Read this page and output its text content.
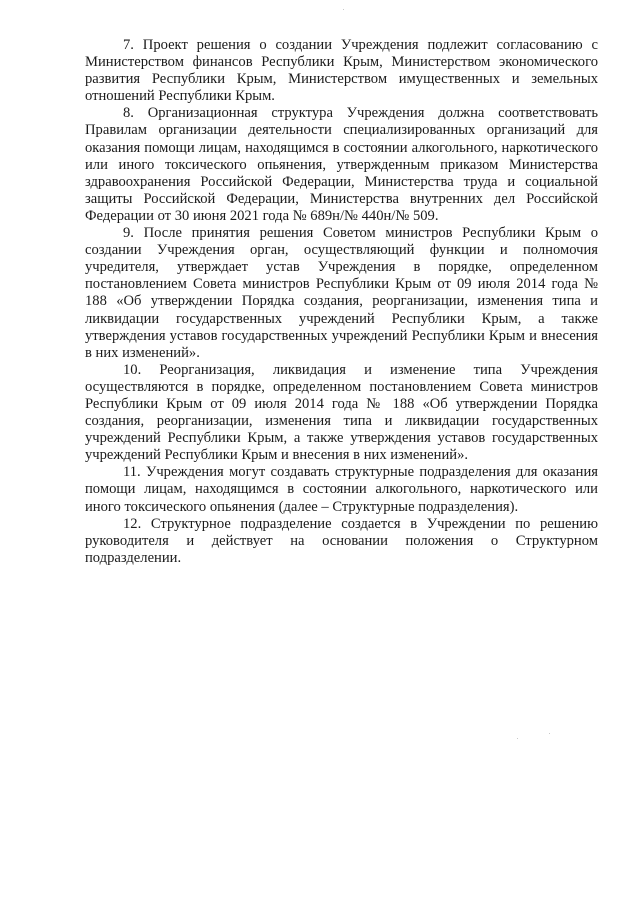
7. Проект решения о создании Учреждения подлежит согласованию с Министерством финансов Республики Крым, Министерством экономического развития Республики Крым, Министерством имущественных и земельных отношений Республики Крым.

8. Организационная структура Учреждения должна соответствовать Правилам организации деятельности специализированных организаций для оказания помощи лицам, находящимся в состоянии алкогольного, наркотического или иного токсического опьянения, утвержденным приказом Министерства здравоохранения Российской Федерации, Министерства труда и социальной защиты Российской Федерации, Министерства внутренних дел Российской Федерации от 30 июня 2021 года № 689н/№ 440н/№ 509.

9. После принятия решения Советом министров Республики Крым о создании Учреждения орган, осуществляющий функции и полномочия учредителя, утверждает устав Учреждения в порядке, определенном постановлением Совета министров Республики Крым от 09 июля 2014 года № 188 «Об утверждении Порядка создания, реорганизации, изменения типа и ликвидации государственных учреждений Республики Крым, а также утверждения уставов государственных учреждений Республики Крым и внесения в них изменений».

10. Реорганизация, ликвидация и изменение типа Учреждения осуществляются в порядке, определенном постановлением Совета министров Республики Крым от 09 июля 2014 года № 188 «Об утверждении Порядка создания, реорганизации, изменения типа и ликвидации государственных учреждений Республики Крым, а также утверждения уставов государственных учреждений Республики Крым и внесения в них изменений».

11. Учреждения могут создавать структурные подразделения для оказания помощи лицам, находящимся в состоянии алкогольного, наркотического или иного токсического опьянения (далее – Структурные подразделения).

12. Структурное подразделение создается в Учреждении по решению руководителя и действует на основании положения о Структурном подразделении.
